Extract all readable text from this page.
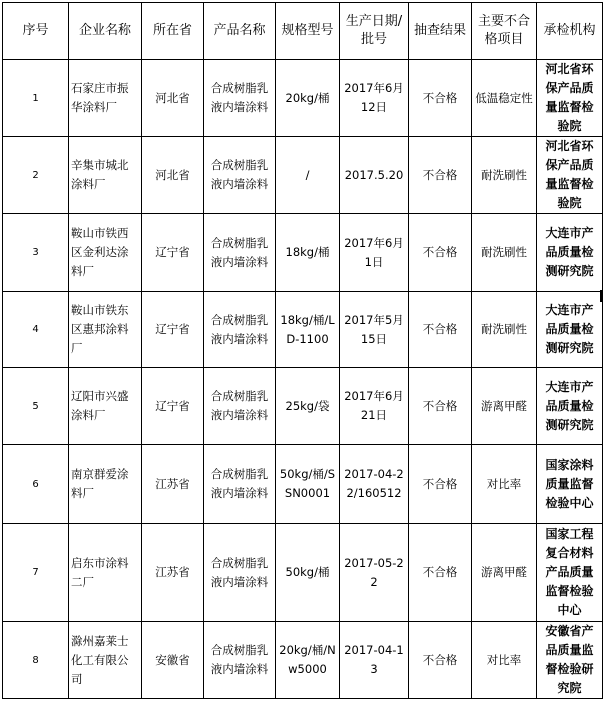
序号	企业名称	所在省	产品名称	规格型号	生产日期/批号	抽查结果	主要不合格项目	承检机构
1	石家庄市振华涂料厂	河北省	合成树脂乳液内墙涂料	20kg/桶	2017年6月12日	不合格	低温稳定性	河北省环保产品质量监督检验院
2	辛集市城北涂料厂	河北省	合成树脂乳液内墙涂料	/	2017.5.20	不合格	耐洗刷性	河北省环保产品质量监督检验院
3	鞍山市铁西区金利达涂料厂	辽宁省	合成树脂乳液内墙涂料	18kg/桶	2017年6月1日	不合格	耐洗刷性	大连市产品质量检测研究院
4	鞍山市铁东区惠邦涂料厂	辽宁省	合成树脂乳液内墙涂料	18kg/桶/LD-1100	2017年5月15日	不合格	耐洗刷性	大连市产品质量检测研究院
5	辽阳市兴盛涂料厂	辽宁省	合成树脂乳液内墙涂料	25kg/袋	2017年6月21日	不合格	游离甲醛	大连市产品质量检测研究院
6	南京群爱涂料厂	江苏省	合成树脂乳液内墙涂料	50kg/桶/SSN0001	2017-04-22/160512	不合格	对比率	国家涂料质量监督检验中心
7	启东市涂料二厂	江苏省	合成树脂乳液内墙涂料	50kg/桶	2017-05-22	不合格	游离甲醛	国家工程复合材料产品质量监督检验中心
8	滁州嘉莱士化工有限公司	安徽省	合成树脂乳液内墙涂料	20kg/桶/Nw5000	2017-04-13	不合格	对比率	安徽省产品质量监督检验研究院
